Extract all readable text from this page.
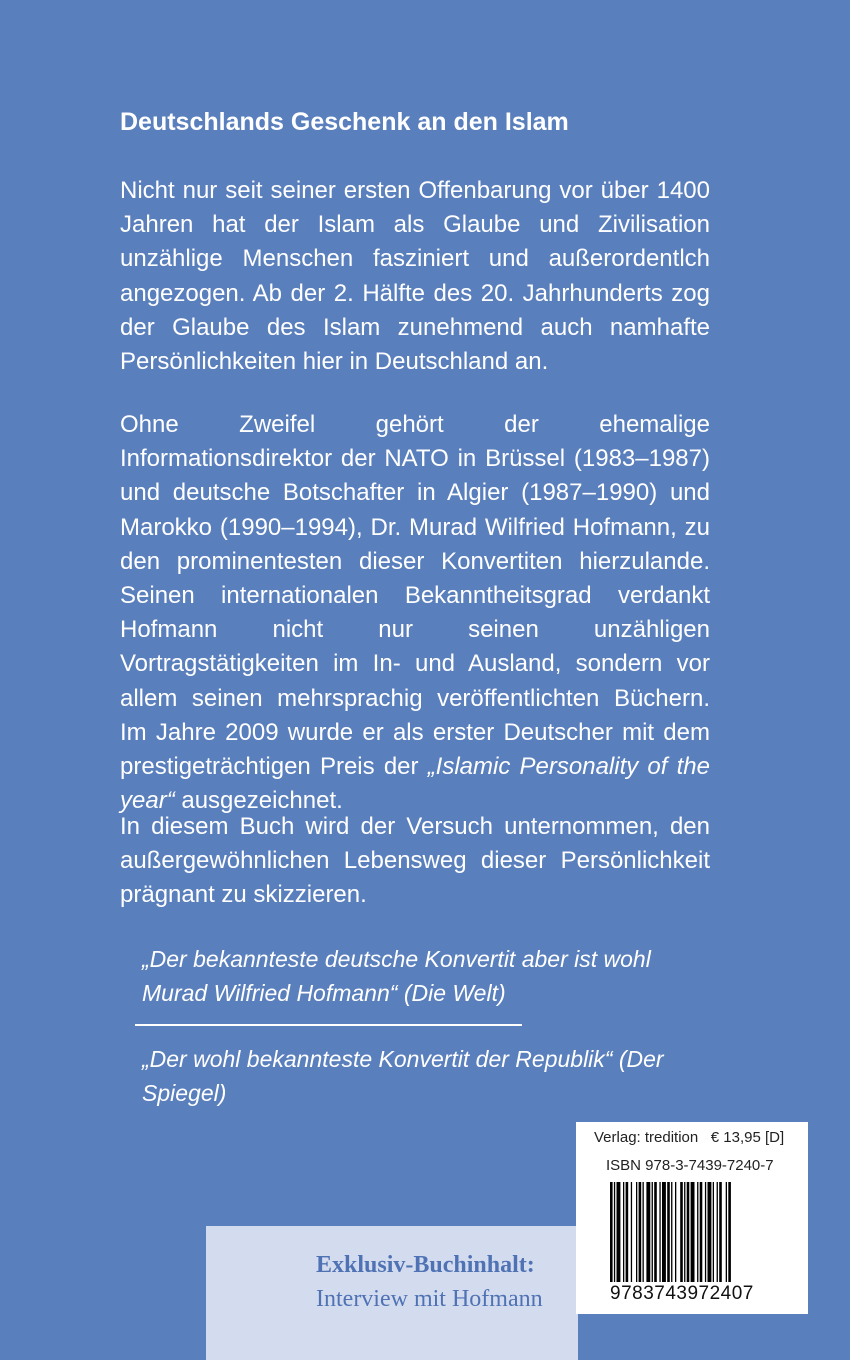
Deutschlands Geschenk an den Islam

Nicht nur seit seiner ersten Offenbarung vor über 1400 Jahren hat der Islam als Glaube und Zivilisation unzählige Menschen fasziniert und außerordentlch angezogen. Ab der 2. Hälfte des 20. Jahrhunderts zog der Glaube des Islam zunehmend auch namhafte Persönlichkeiten hier in Deutschland an.

Ohne Zweifel gehört der ehemalige Informationsdirektor der NATO in Brüssel (1983–1987) und deutsche Botschafter in Algier (1987–1990) und Marokko (1990–1994), Dr. Murad Wilfried Hofmann, zu den prominentesten dieser Konvertiten hierzulande. Seinen internationalen Bekanntheitsgrad verdankt Hofmann nicht nur seinen unzähligen Vortragstätigkeiten im In- und Ausland, sondern vor allem seinen mehrsprachig veröffentlichten Büchern. Im Jahre 2009 wurde er als erster Deutscher mit dem prestigeträchtigen Preis der „Islamic Personality of the year“ ausgezeichnet.

In diesem Buch wird der Versuch unternommen, den außergewöhnlichen Lebensweg dieser Persönlichkeit prägnant zu skizzieren.

„Der bekannteste deutsche Konvertit aber ist wohl Murad Wilfried Hofmann“ (Die Welt)

„Der wohl bekannteste Konvertit der Republik“ (Der Spiegel)

Exklusiv-Buchinhalt:

Interview mit Hofmann

Verlag: tredition € 13,95 [D]
ISBN 978-3-7439-7240-7
9783743972407
